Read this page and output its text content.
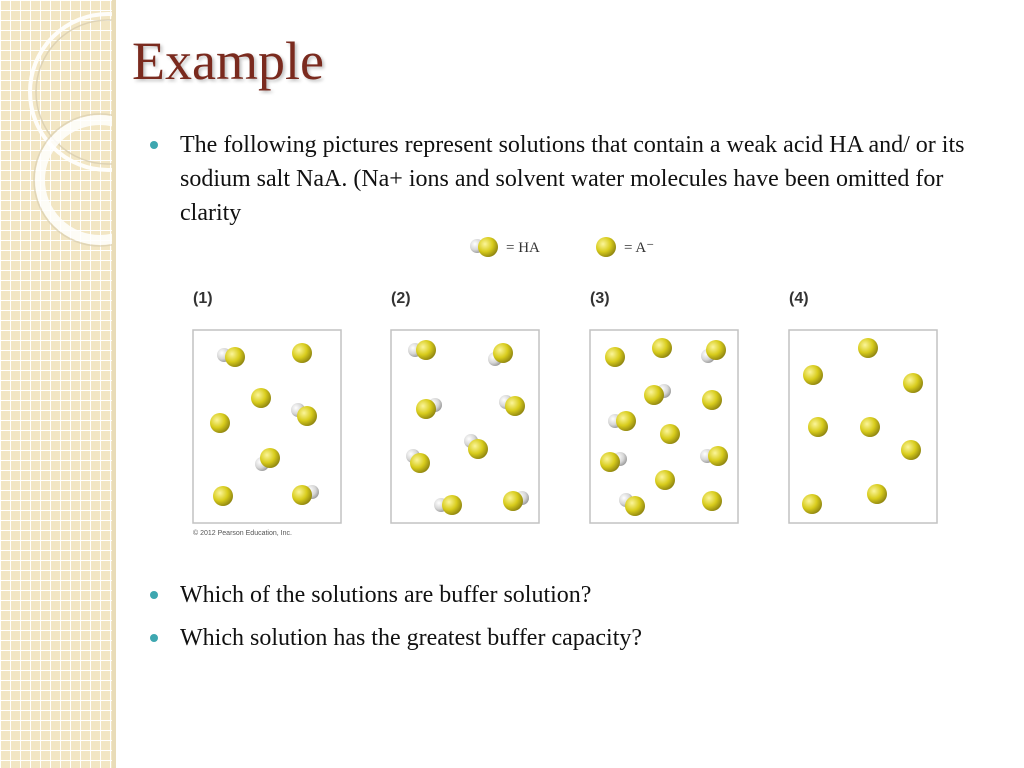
Example
The following pictures represent solutions that contain a weak acid HA and/ or its sodium salt NaA. (Na+ ions and solvent water molecules have been omitted for clarity
Which of the solutions are buffer solution?
Which solution has the greatest buffer capacity?
= HA	= A⁻
(1)	(2)	(3)	(4)
© 2012 Pearson Education, Inc.
